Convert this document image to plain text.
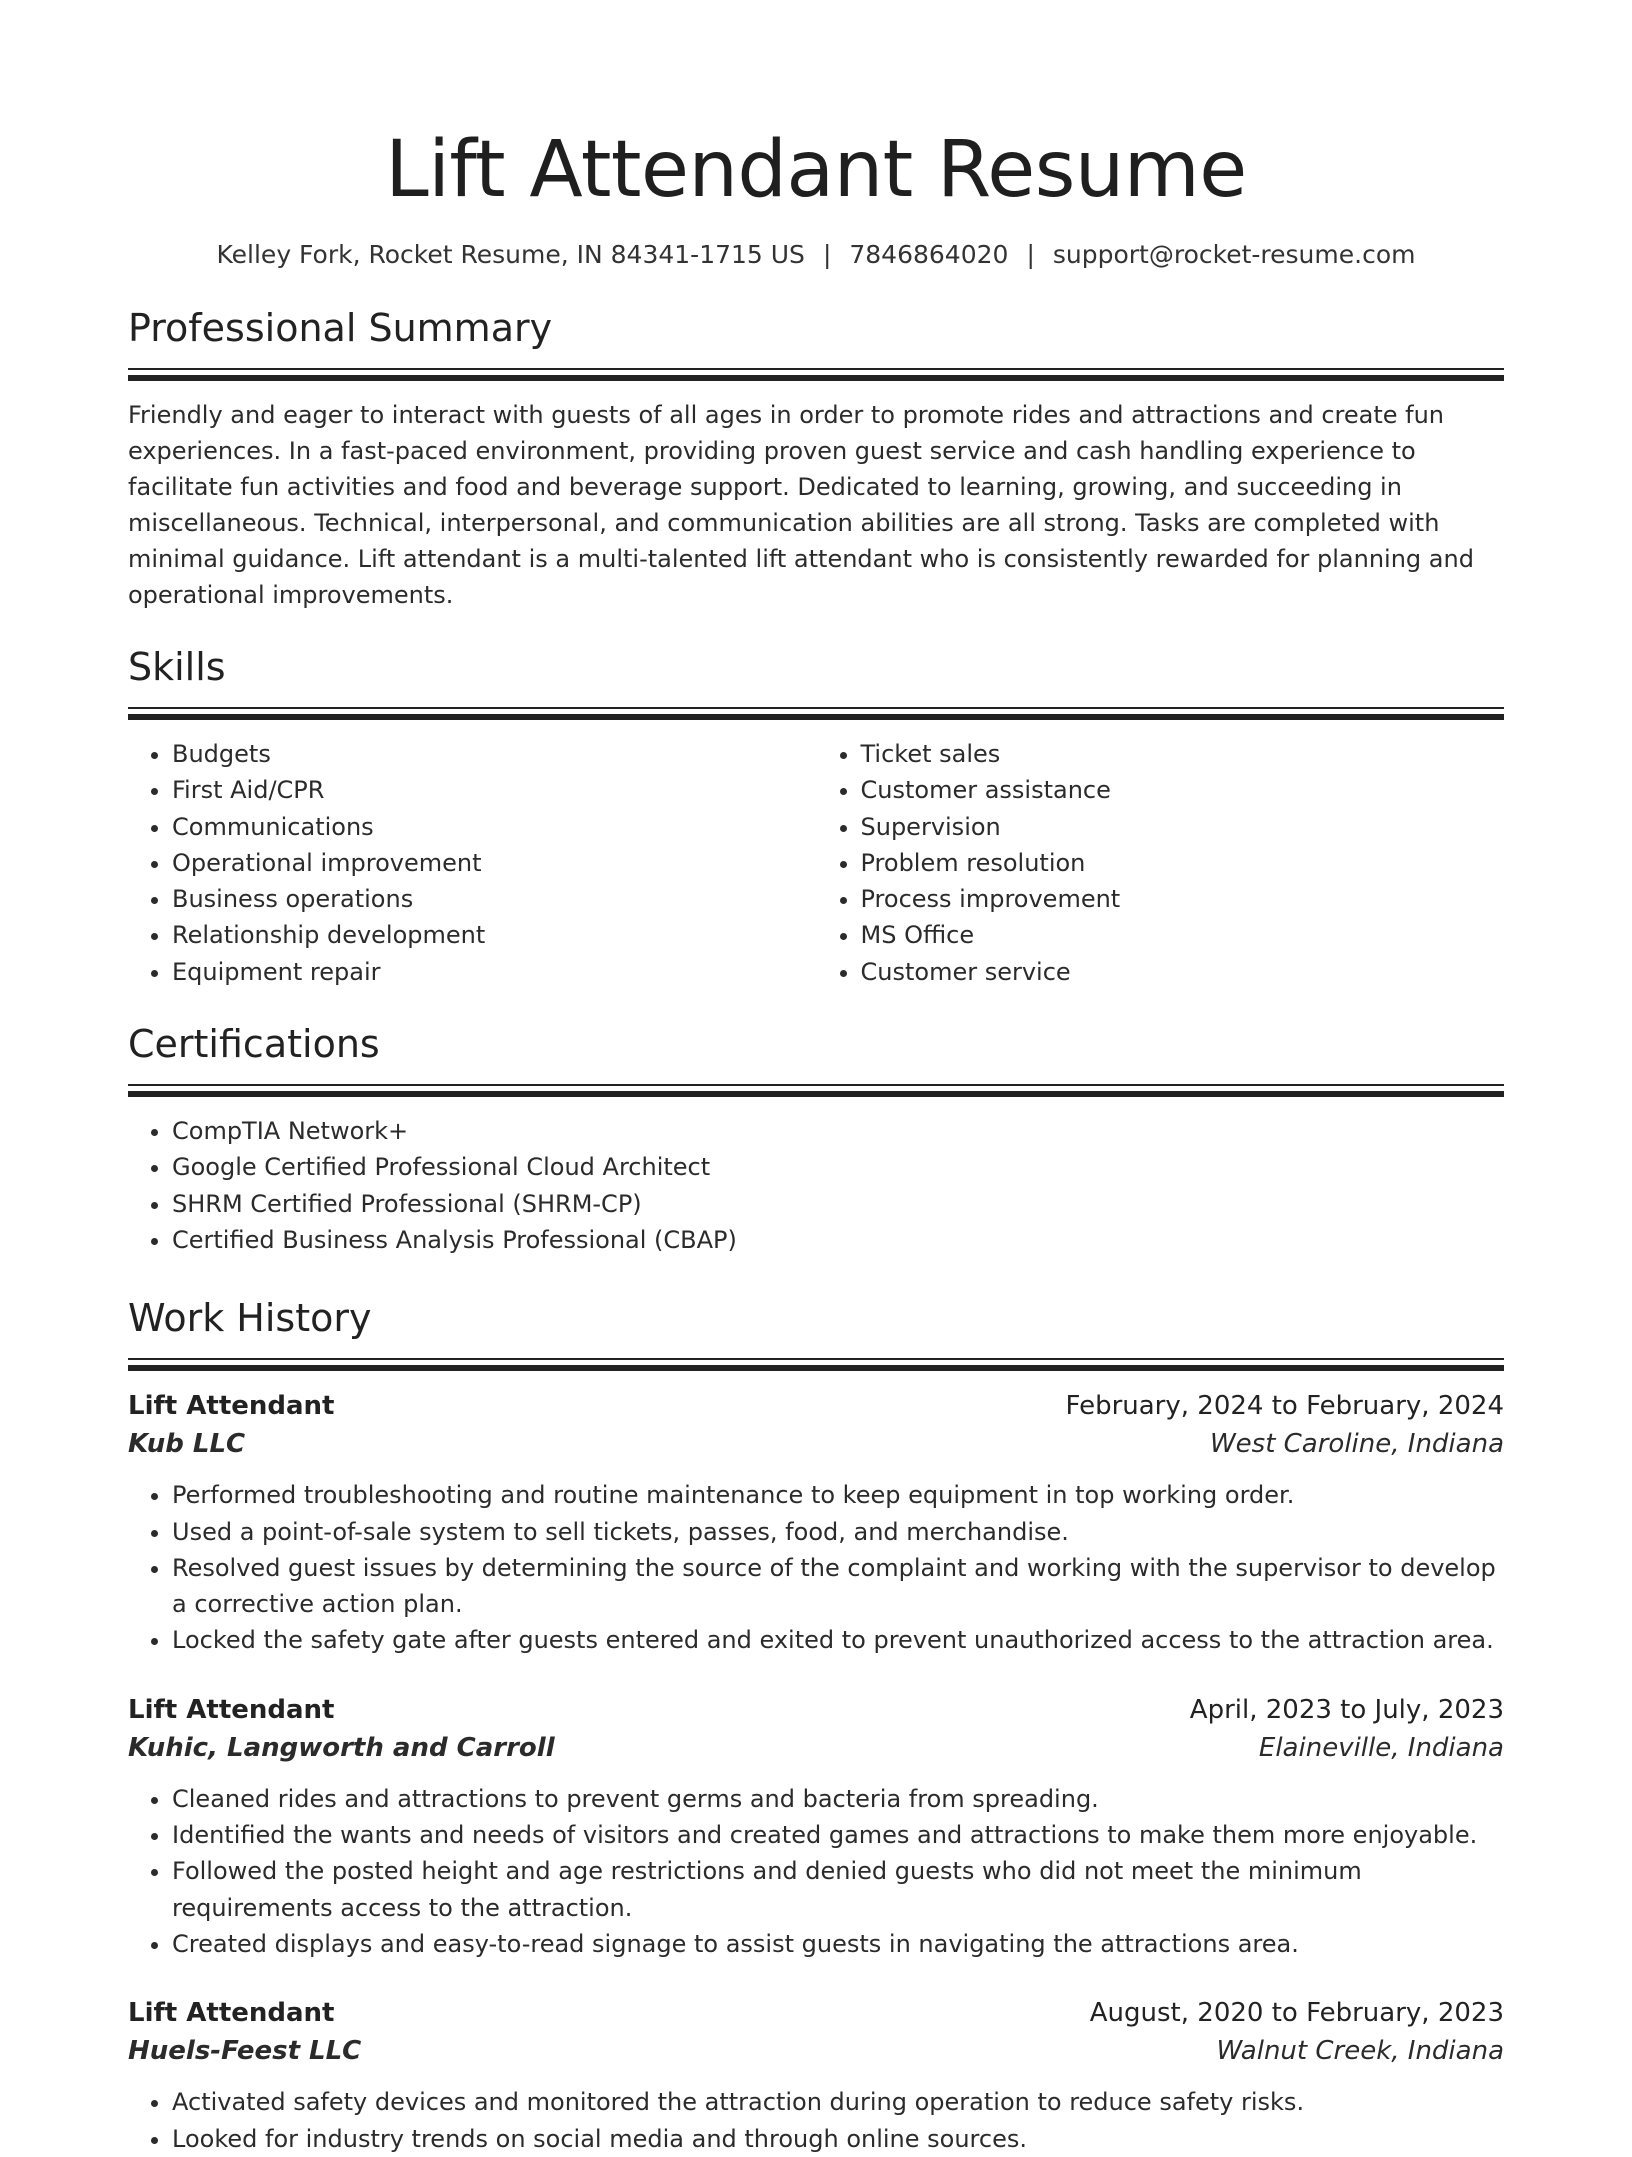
Lift Attendant Resume
Kelley Fork, Rocket Resume, IN 84341-1715 US | 7846864020 | support@rocket-resume.com
Professional Summary

Friendly and eager to interact with guests of all ages in order to promote rides and attractions and create fun experiences. In a fast-paced environment, providing proven guest service and cash handling experience to facilitate fun activities and food and beverage support. Dedicated to learning, growing, and succeeding in miscellaneous. Technical, interpersonal, and communication abilities are all strong. Tasks are completed with minimal guidance. Lift attendant is a multi-talented lift attendant who is consistently rewarded for planning and operational improvements.

Skills
• Budgets
• First Aid/CPR
• Communications
• Operational improvement
• Business operations
• Relationship development
• Equipment repair
• Ticket sales
• Customer assistance
• Supervision
• Problem resolution
• Process improvement
• MS Office
• Customer service
Certifications
• CompTIA Network+
• Google Certified Professional Cloud Architect
• SHRM Certified Professional (SHRM-CP)
• Certified Business Analysis Professional (CBAP)
Work History
Lift Attendant	February, 2024 to February, 2024
Kub LLC	West Caroline, Indiana
• Performed troubleshooting and routine maintenance to keep equipment in top working order.
• Used a point-of-sale system to sell tickets, passes, food, and merchandise.
• Resolved guest issues by determining the source of the complaint and working with the supervisor to develop a corrective action plan.
• Locked the safety gate after guests entered and exited to prevent unauthorized access to the attraction area.
Lift Attendant	April, 2023 to July, 2023
Kuhic, Langworth and Carroll	Elaineville, Indiana
• Cleaned rides and attractions to prevent germs and bacteria from spreading.
• Identified the wants and needs of visitors and created games and attractions to make them more enjoyable.
• Followed the posted height and age restrictions and denied guests who did not meet the minimum requirements access to the attraction.
• Created displays and easy-to-read signage to assist guests in navigating the attractions area.
Lift Attendant	August, 2020 to February, 2023
Huels-Feest LLC	Walnut Creek, Indiana
• Activated safety devices and monitored the attraction during operation to reduce safety risks.
• Looked for industry trends on social media and through online sources.
